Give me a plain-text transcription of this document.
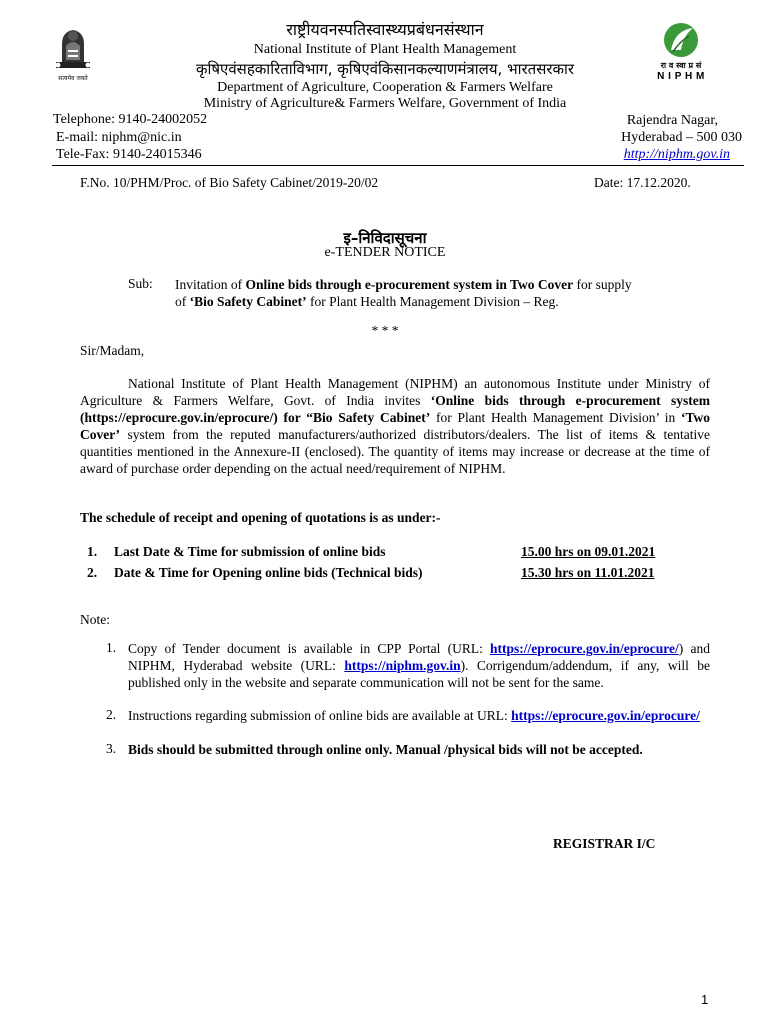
सत्यमेव जयते
रा व स्वा प्र सं
N I P H M
राष्ट्रीयवनस्पतिस्वास्थ्यप्रबंधनसंस्थान
National Institute of Plant Health Management
कृषिएवंसहकारिताविभाग, कृषिएवंकिसानकल्याणमंत्रालय, भारतसरकार
Department of Agriculture, Cooperation & Farmers Welfare
Ministry of Agriculture& Farmers Welfare, Government of India
Telephone: 9140-24002052
E-mail: niphm@nic.in
Tele-Fax: 9140-24015346
Rajendra Nagar,
Hyderabad – 500 030
http://niphm.gov.in
F.No. 10/PHM/Proc. of Bio Safety Cabinet/2019-20/02	Date: 17.12.2020.
इ–निविदासूचना
e-TENDER NOTICE
Sub: Invitation of Online bids through e-procurement system in Two Cover for supply
of ‘Bio Safety Cabinet’ for Plant Health Management Division – Reg.
* * *
Sir/Madam,
National Institute of Plant Health Management (NIPHM) an autonomous Institute under Ministry of Agriculture & Farmers Welfare, Govt. of India invites ‘Online bids through e-procurement system (https://eprocure.gov.in/eprocure/) for “Bio Safety Cabinet’ for Plant Health Management Division’ in ‘Two Cover’ system from the reputed manufacturers/authorized distributors/dealers. The list of items & tentative quantities mentioned in the Annexure-II (enclosed). The quantity of items may increase or decrease at the time of award of purchase order depending on the actual need/requirement of NIPHM.
The schedule of receipt and opening of quotations is as under:-
1. Last Date & Time for submission of online bids	15.00 hrs on 09.01.2021
2. Date & Time for Opening online bids (Technical bids)	15.30 hrs on 11.01.2021
Note:
1. Copy of Tender document is available in CPP Portal (URL: https://eprocure.gov.in/eprocure/) and NIPHM, Hyderabad website (URL: https://niphm.gov.in). Corrigendum/addendum, if any, will be published only in the website and separate communication will not be sent for the same.
2. Instructions regarding submission of online bids are available at URL: https://eprocure.gov.in/eprocure/
3. Bids should be submitted through online only. Manual /physical bids will not be accepted.
REGISTRAR I/C
1
